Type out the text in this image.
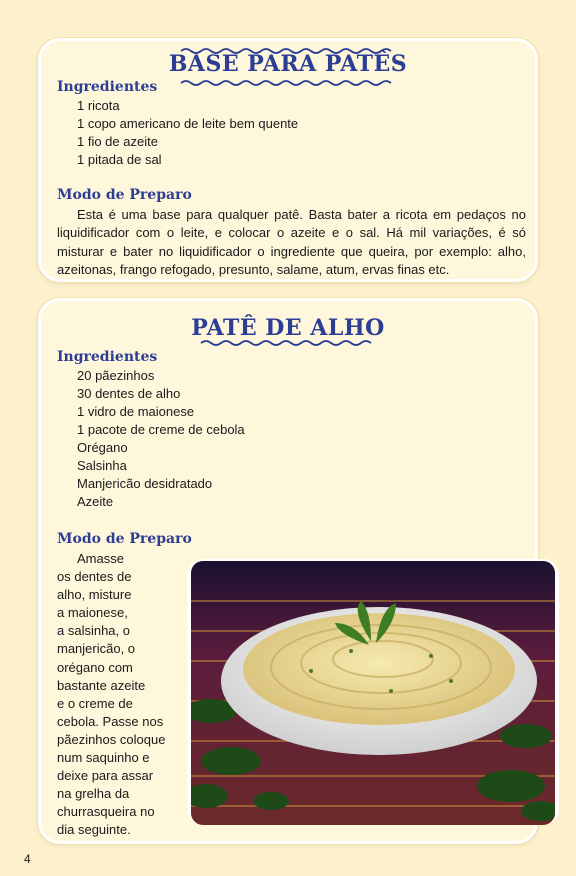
BASE PARA PATÊS
Ingredientes
1 ricota
1 copo americano de leite bem quente
1 fio de azeite
1 pitada de sal
Modo de Preparo
Esta é uma base para qualquer patê. Basta bater a ricota em pedaços no
liquidificador com o leite, e colocar o azeite e o sal. Há mil variações, é só
misturar e bater no liquidificador o ingrediente que queira, por exemplo: alho,
azeitonas, frango refogado, presunto, salame, atum, ervas finas etc.
PATÊ DE ALHO
Ingredientes
20 pãezinhos
30 dentes de alho
1 vidro de maionese
1 pacote de creme de cebola
Orégano
Salsinha
Manjericão desidratado
Azeite
Modo de Preparo
Amasse
os dentes de
alho, misture
a maionese,
a salsinha, o
manjericão, o
orégano com
bastante azeite
e o creme de
cebola. Passe nos
pãezinhos coloque
num saquinho e
deixe para assar
na grelha da
churrasqueira no
dia seguinte.
4
